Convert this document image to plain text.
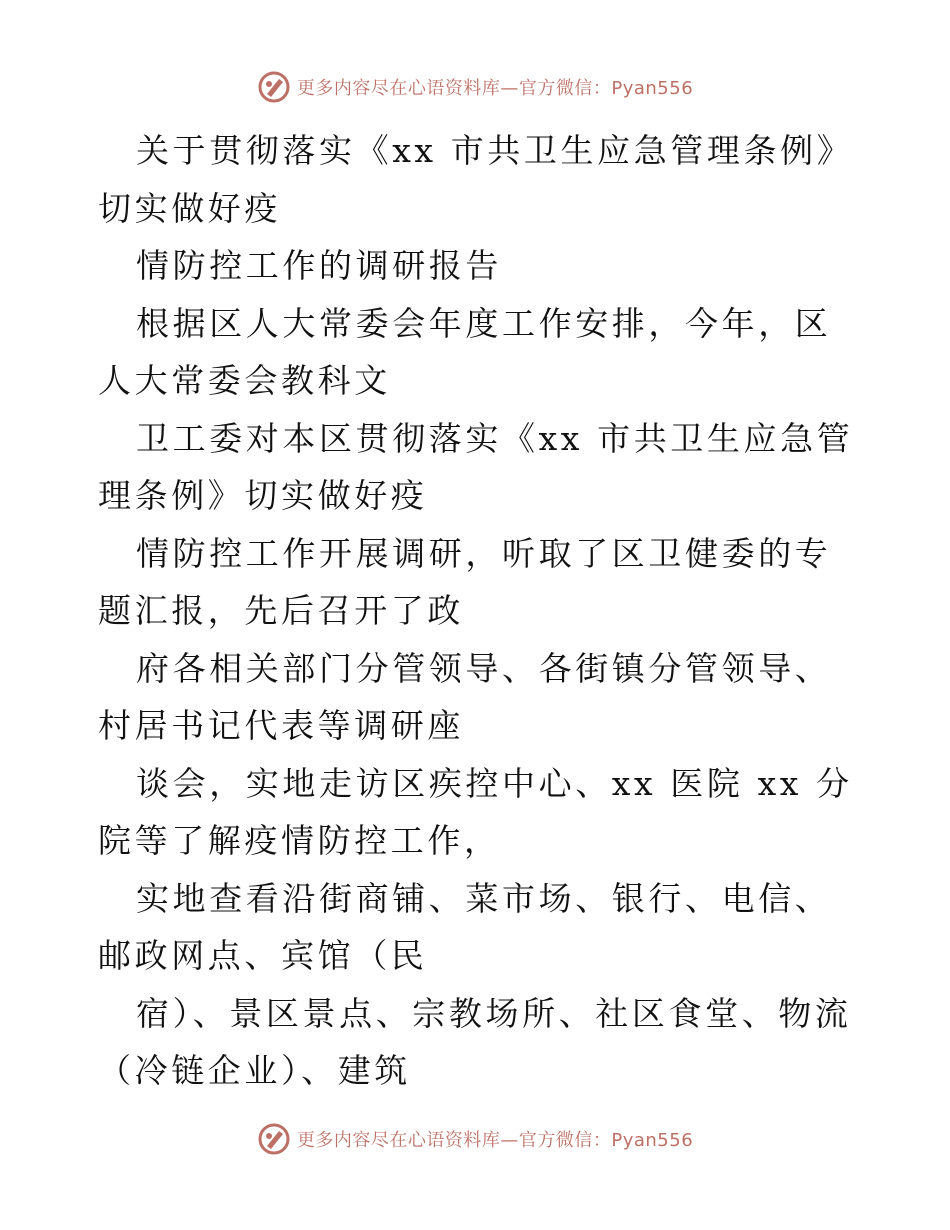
更多内容尽在心语资料库—官方微信：Pyan556

关于贯彻落实《xx 市共卫生应急管理条例》切实做好疫

情防控工作的调研报告

根据区人大常委会年度工作安排，今年，区人大常委会教科文

卫工委对本区贯彻落实《xx 市共卫生应急管理条例》切实做好疫

情防控工作开展调研，听取了区卫健委的专题汇报，先后召开了政

府各相关部门分管领导、各街镇分管领导、村居书记代表等调研座

谈会，实地走访区疾控中心、xx 医院 xx 分院等了解疫情防控工作，

实地查看沿街商铺、菜市场、银行、电信、邮政网点、宾馆（民

宿）、景区景点、宗教场所、社区食堂、物流（冷链企业）、建筑

更多内容尽在心语资料库—官方微信：Pyan556
